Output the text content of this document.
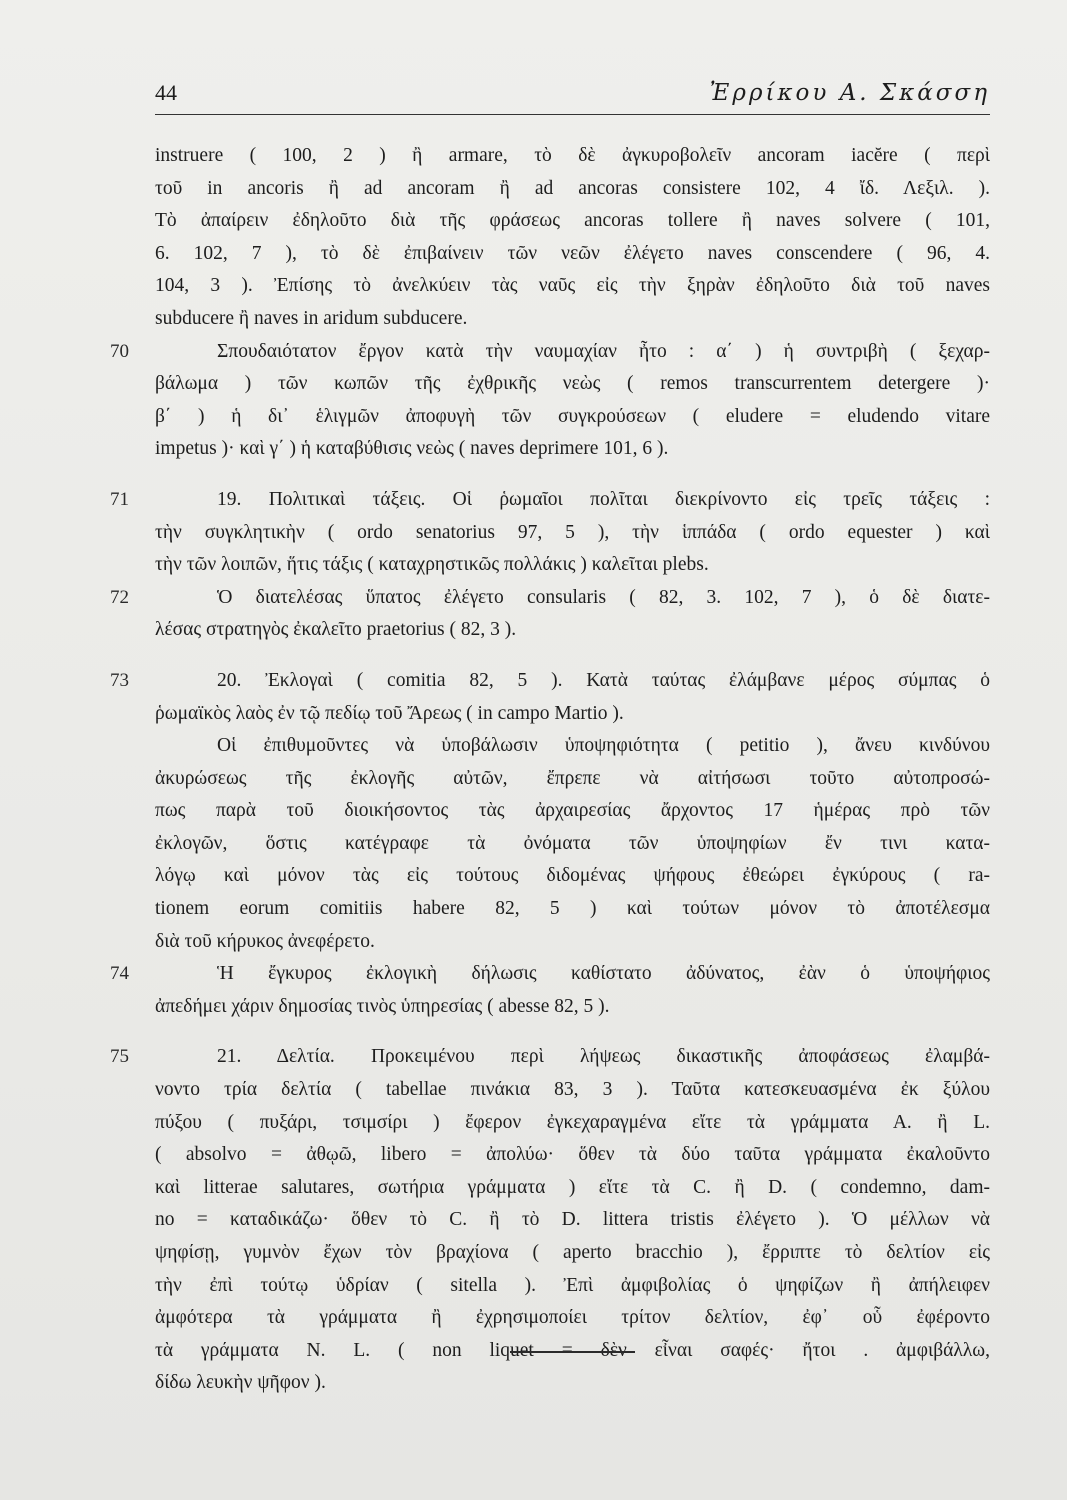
44	Ἐρρίκου Α. Σκάσση
instruere ( 100, 2 ) ἢ armare, τὸ δὲ ἀγκυροβολεῖν ancoram iacĕre ( περὶ
τοῦ in ancoris ἢ ad ancoram ἢ ad ancoras consistere 102, 4 ἴδ. Λεξιλ. ).
Τὸ ἀπαίρειν ἐδηλοῦτο διὰ τῆς φράσεως ancoras tollere ἢ naves solvere ( 101,
6. 102, 7 ), τὸ δὲ ἐπιβαίνειν τῶν νεῶν ἐλέγετο naves conscendere ( 96, 4.
104, 3 ). Ἐπίσης τὸ ἀνελκύειν τὰς ναῦς εἰς τὴν ξηρὰν ἐδηλοῦτο διὰ τοῦ naves
subducere ἢ naves in aridum subducere.
70	Σπουδαιότατον ἔργον κατὰ τὴν ναυμαχίαν ἦτο : α΄ ) ἡ συντριβὴ ( ξεχαρ-
βάλωμα ) τῶν κωπῶν τῆς ἐχθρικῆς νεὼς ( remos transcurrentem detergere )·
β΄ ) ἡ δι᾽ ἑλιγμῶν ἀποφυγὴ τῶν συγκρούσεων ( eludere = eludendo vitare
impetus )· καὶ γ΄ ) ἡ καταβύθισις νεὼς ( naves deprimere 101, 6 ).
71	19. Πολιτικαὶ τάξεις. Οἱ ῥωμαῖοι πολῖται διεκρίνοντο εἰς τρεῖς τάξεις :
τὴν συγκλητικὴν ( ordo senatorius 97, 5 ), τὴν ἱππάδα ( ordo equester ) καὶ
τὴν τῶν λοιπῶν, ἥτις τάξις ( καταχρηστικῶς πολλάκις ) καλεῖται plebs.
72	Ὁ διατελέσας ὕπατος ἐλέγετο consularis ( 82, 3. 102, 7 ), ὁ δὲ διατε-
λέσας στρατηγὸς ἐκαλεῖτο praetorius ( 82, 3 ).
73	20. Ἐκλογαὶ ( comitia 82, 5 ). Κατὰ ταύτας ἐλάμβανε μέρος σύμπας ὁ
ῥωμαϊκὸς λαὸς ἐν τῷ πεδίῳ τοῦ Ἄρεως ( in campo Martio ).
Οἱ ἐπιθυμοῦντες νὰ ὑποβάλωσιν ὑποψηφιότητα ( petitio ), ἄνευ κινδύνου
ἀκυρώσεως τῆς ἐκλογῆς αὐτῶν, ἔπρεπε νὰ αἰτήσωσι τοῦτο αὐτοπροσώ-
πως παρὰ τοῦ διοικήσοντος τὰς ἀρχαιρεσίας ἄρχοντος 17 ἡμέρας πρὸ τῶν
ἐκλογῶν, ὅστις κατέγραφε τὰ ὀνόματα τῶν ὑποψηφίων ἔν τινι κατα-
λόγῳ καὶ μόνον τὰς εἰς τούτους διδομένας ψήφους ἐθεώρει ἐγκύρους ( ra-
tionem eorum comitiis habere 82, 5 ) καὶ τούτων μόνον τὸ ἀποτέλεσμα
διὰ τοῦ κήρυκος ἀνεφέρετο.
74	Ἡ ἔγκυρος ἐκλογικὴ δήλωσις καθίστατο ἀδύνατος, ἐὰν ὁ ὑποψήφιος
ἀπεδήμει χάριν δημοσίας τινὸς ὑπηρεσίας ( abesse 82, 5 ).
75	21. Δελτία. Προκειμένου περὶ λήψεως δικαστικῆς ἀποφάσεως ἐλαμβά-
νοντο τρία δελτία ( tabellae πινάκια 83, 3 ). Ταῦτα κατεσκευασμένα ἐκ ξύλου
πύξου ( πυξάρι, τσιμσίρι ) ἔφερον ἐγκεχαραγμένα εἴτε τὰ γράμματα Α. ἢ L.
( absolvo = ἀθῳῶ, libero = ἀπολύω· ὅθεν τὰ δύο ταῦτα γράμματα ἐκαλοῦντο
καὶ litterae salutares, σωτήρια γράμματα ) εἴτε τὰ C. ἢ D. ( condemno, dam-
no = καταδικάζω· ὅθεν τὸ C. ἢ τὸ D. littera tristis ἐλέγετο ). Ὁ μέλλων νὰ
ψηφίσῃ, γυμνὸν ἔχων τὸν βραχίονα ( aperto bracchio ), ἔρριπτε τὸ δελτίον εἰς
τὴν ἐπὶ τούτῳ ὑδρίαν ( sitella ). Ἐπὶ ἀμφιβολίας ὁ ψηφίζων ἢ ἀπήλειφεν
ἀμφότερα τὰ γράμματα ἢ ἐχρησιμοποίει τρίτον δελτίον, ἐφ᾽ οὗ ἐφέροντο
τὰ γράμματα N. L. ( non liquet = δὲν εἶναι σαφές· ἤτοι . ἀμφιβάλλω,
δίδω λευκὴν ψῆφον ).
